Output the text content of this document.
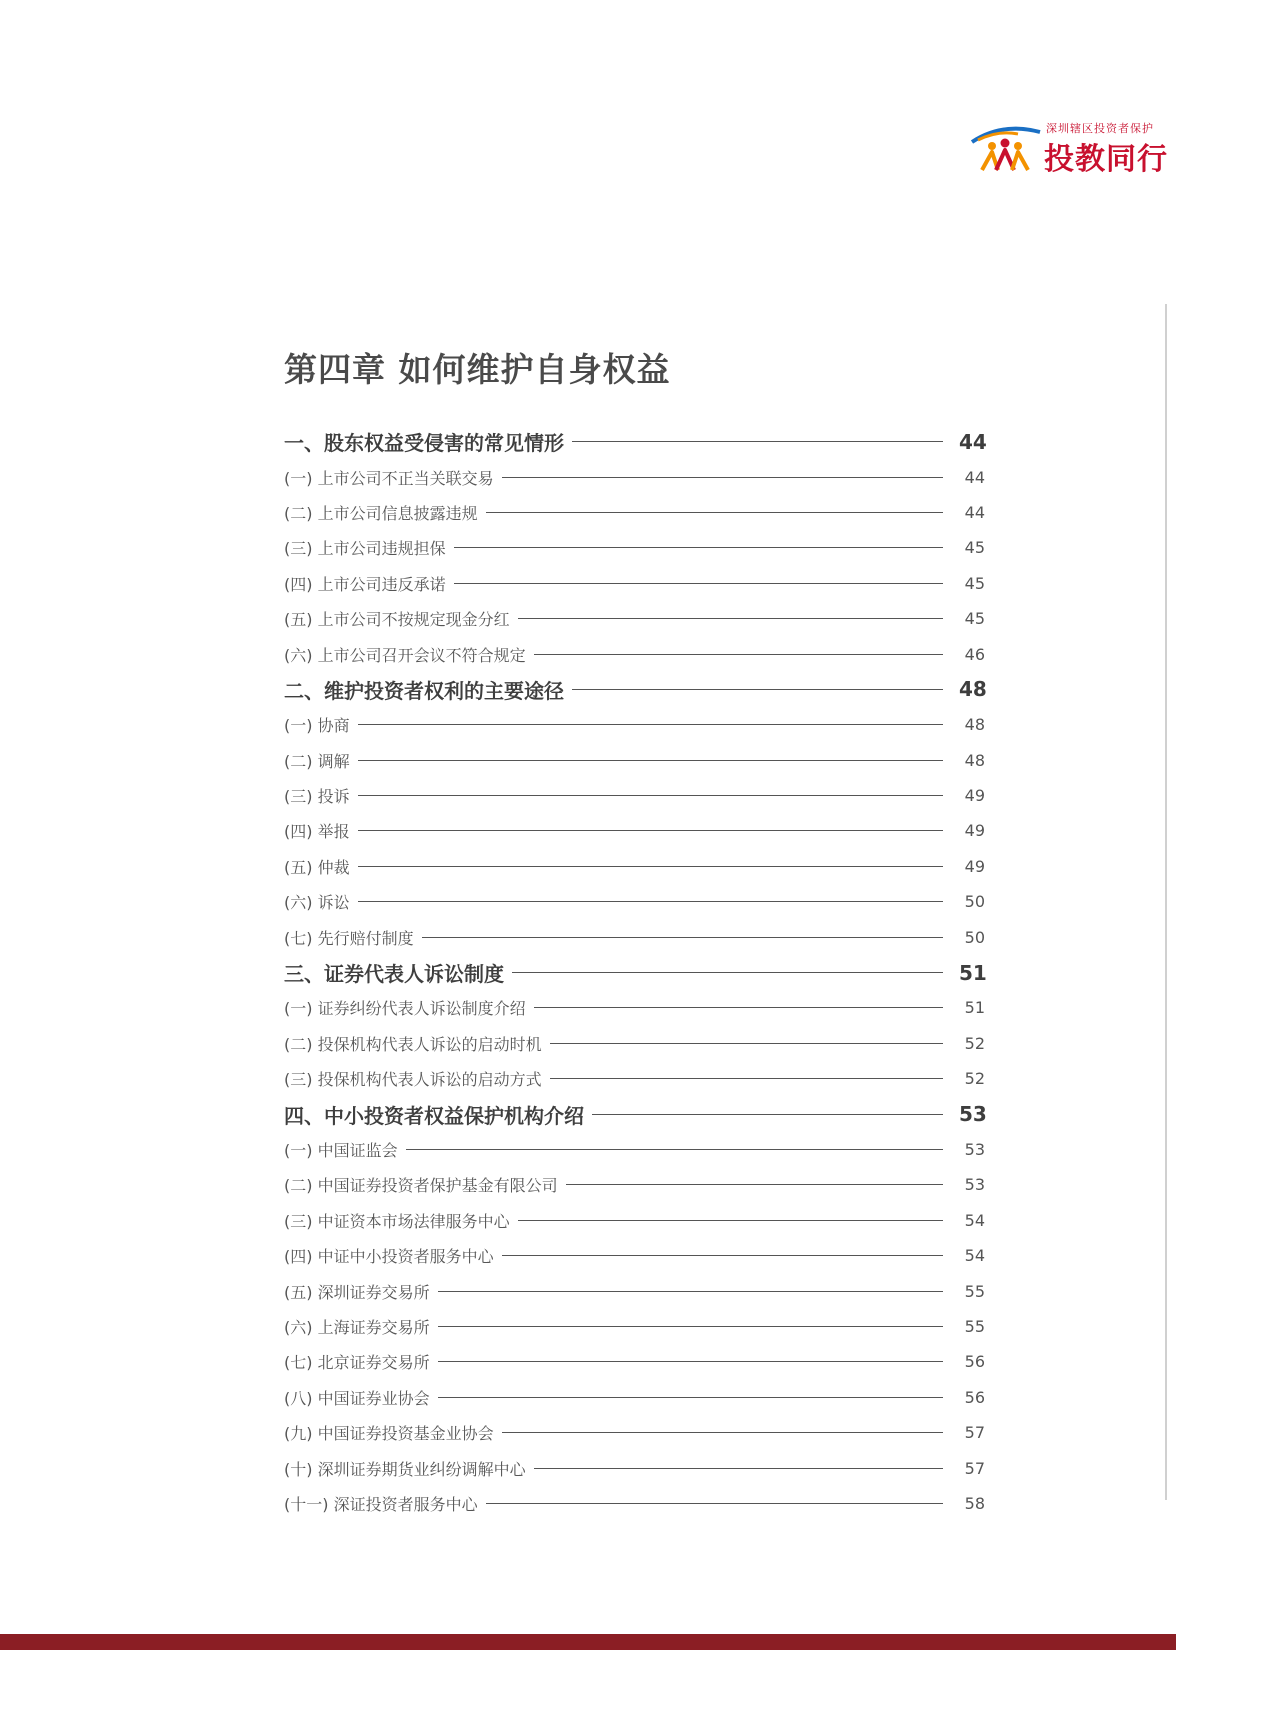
深圳辖区投资者保护
投教同行
第四章 如何维护自身权益
一、股东权益受侵害的常见情形	44
(一) 上市公司不正当关联交易	44
(二) 上市公司信息披露违规	44
(三) 上市公司违规担保	45
(四) 上市公司违反承诺	45
(五) 上市公司不按规定现金分红	45
(六) 上市公司召开会议不符合规定	46
二、维护投资者权利的主要途径	48
(一) 协商	48
(二) 调解	48
(三) 投诉	49
(四) 举报	49
(五) 仲裁	49
(六) 诉讼	50
(七) 先行赔付制度	50
三、证券代表人诉讼制度	51
(一) 证券纠纷代表人诉讼制度介绍	51
(二) 投保机构代表人诉讼的启动时机	52
(三) 投保机构代表人诉讼的启动方式	52
四、中小投资者权益保护机构介绍	53
(一) 中国证监会	53
(二) 中国证券投资者保护基金有限公司	53
(三) 中证资本市场法律服务中心	54
(四) 中证中小投资者服务中心	54
(五) 深圳证券交易所	55
(六) 上海证券交易所	55
(七) 北京证券交易所	56
(八) 中国证券业协会	56
(九) 中国证券投资基金业协会	57
(十) 深圳证券期货业纠纷调解中心	57
(十一) 深证投资者服务中心	58
